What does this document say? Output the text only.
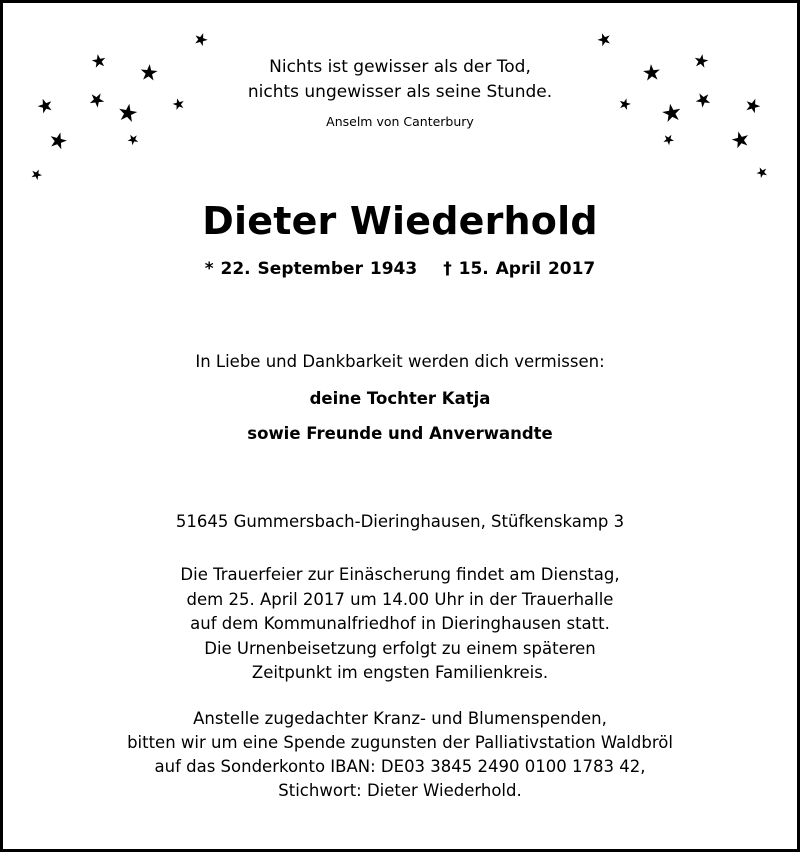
★
★ ★
★
★ ★ ★
★	★
★
★
★
★
★ ★
★
★
★
★
★
Nichts ist gewisser als der Tod,
nichts ungewisser als seine Stunde.
Anselm von Canterbury
Dieter Wiederhold
* 22. September 1943 † 15. April 2017
In Liebe und Dankbarkeit werden dich vermissen:
deine Tochter Katja
sowie Freunde und Anverwandte
51645 Gummersbach-Dieringhausen, Stüfkenskamp 3
Die Trauerfeier zur Einäscherung findet am Dienstag,
dem 25. April 2017 um 14.00 Uhr in der Trauerhalle
auf dem Kommunalfriedhof in Dieringhausen statt.
Die Urnenbeisetzung erfolgt zu einem späteren
Zeitpunkt im engsten Familienkreis.
Anstelle zugedachter Kranz- und Blumenspenden,
bitten wir um eine Spende zugunsten der Palliativstation Waldbröl
auf das Sonderkonto IBAN: DE03 3845 2490 0100 1783 42,
Stichwort: Dieter Wiederhold.
